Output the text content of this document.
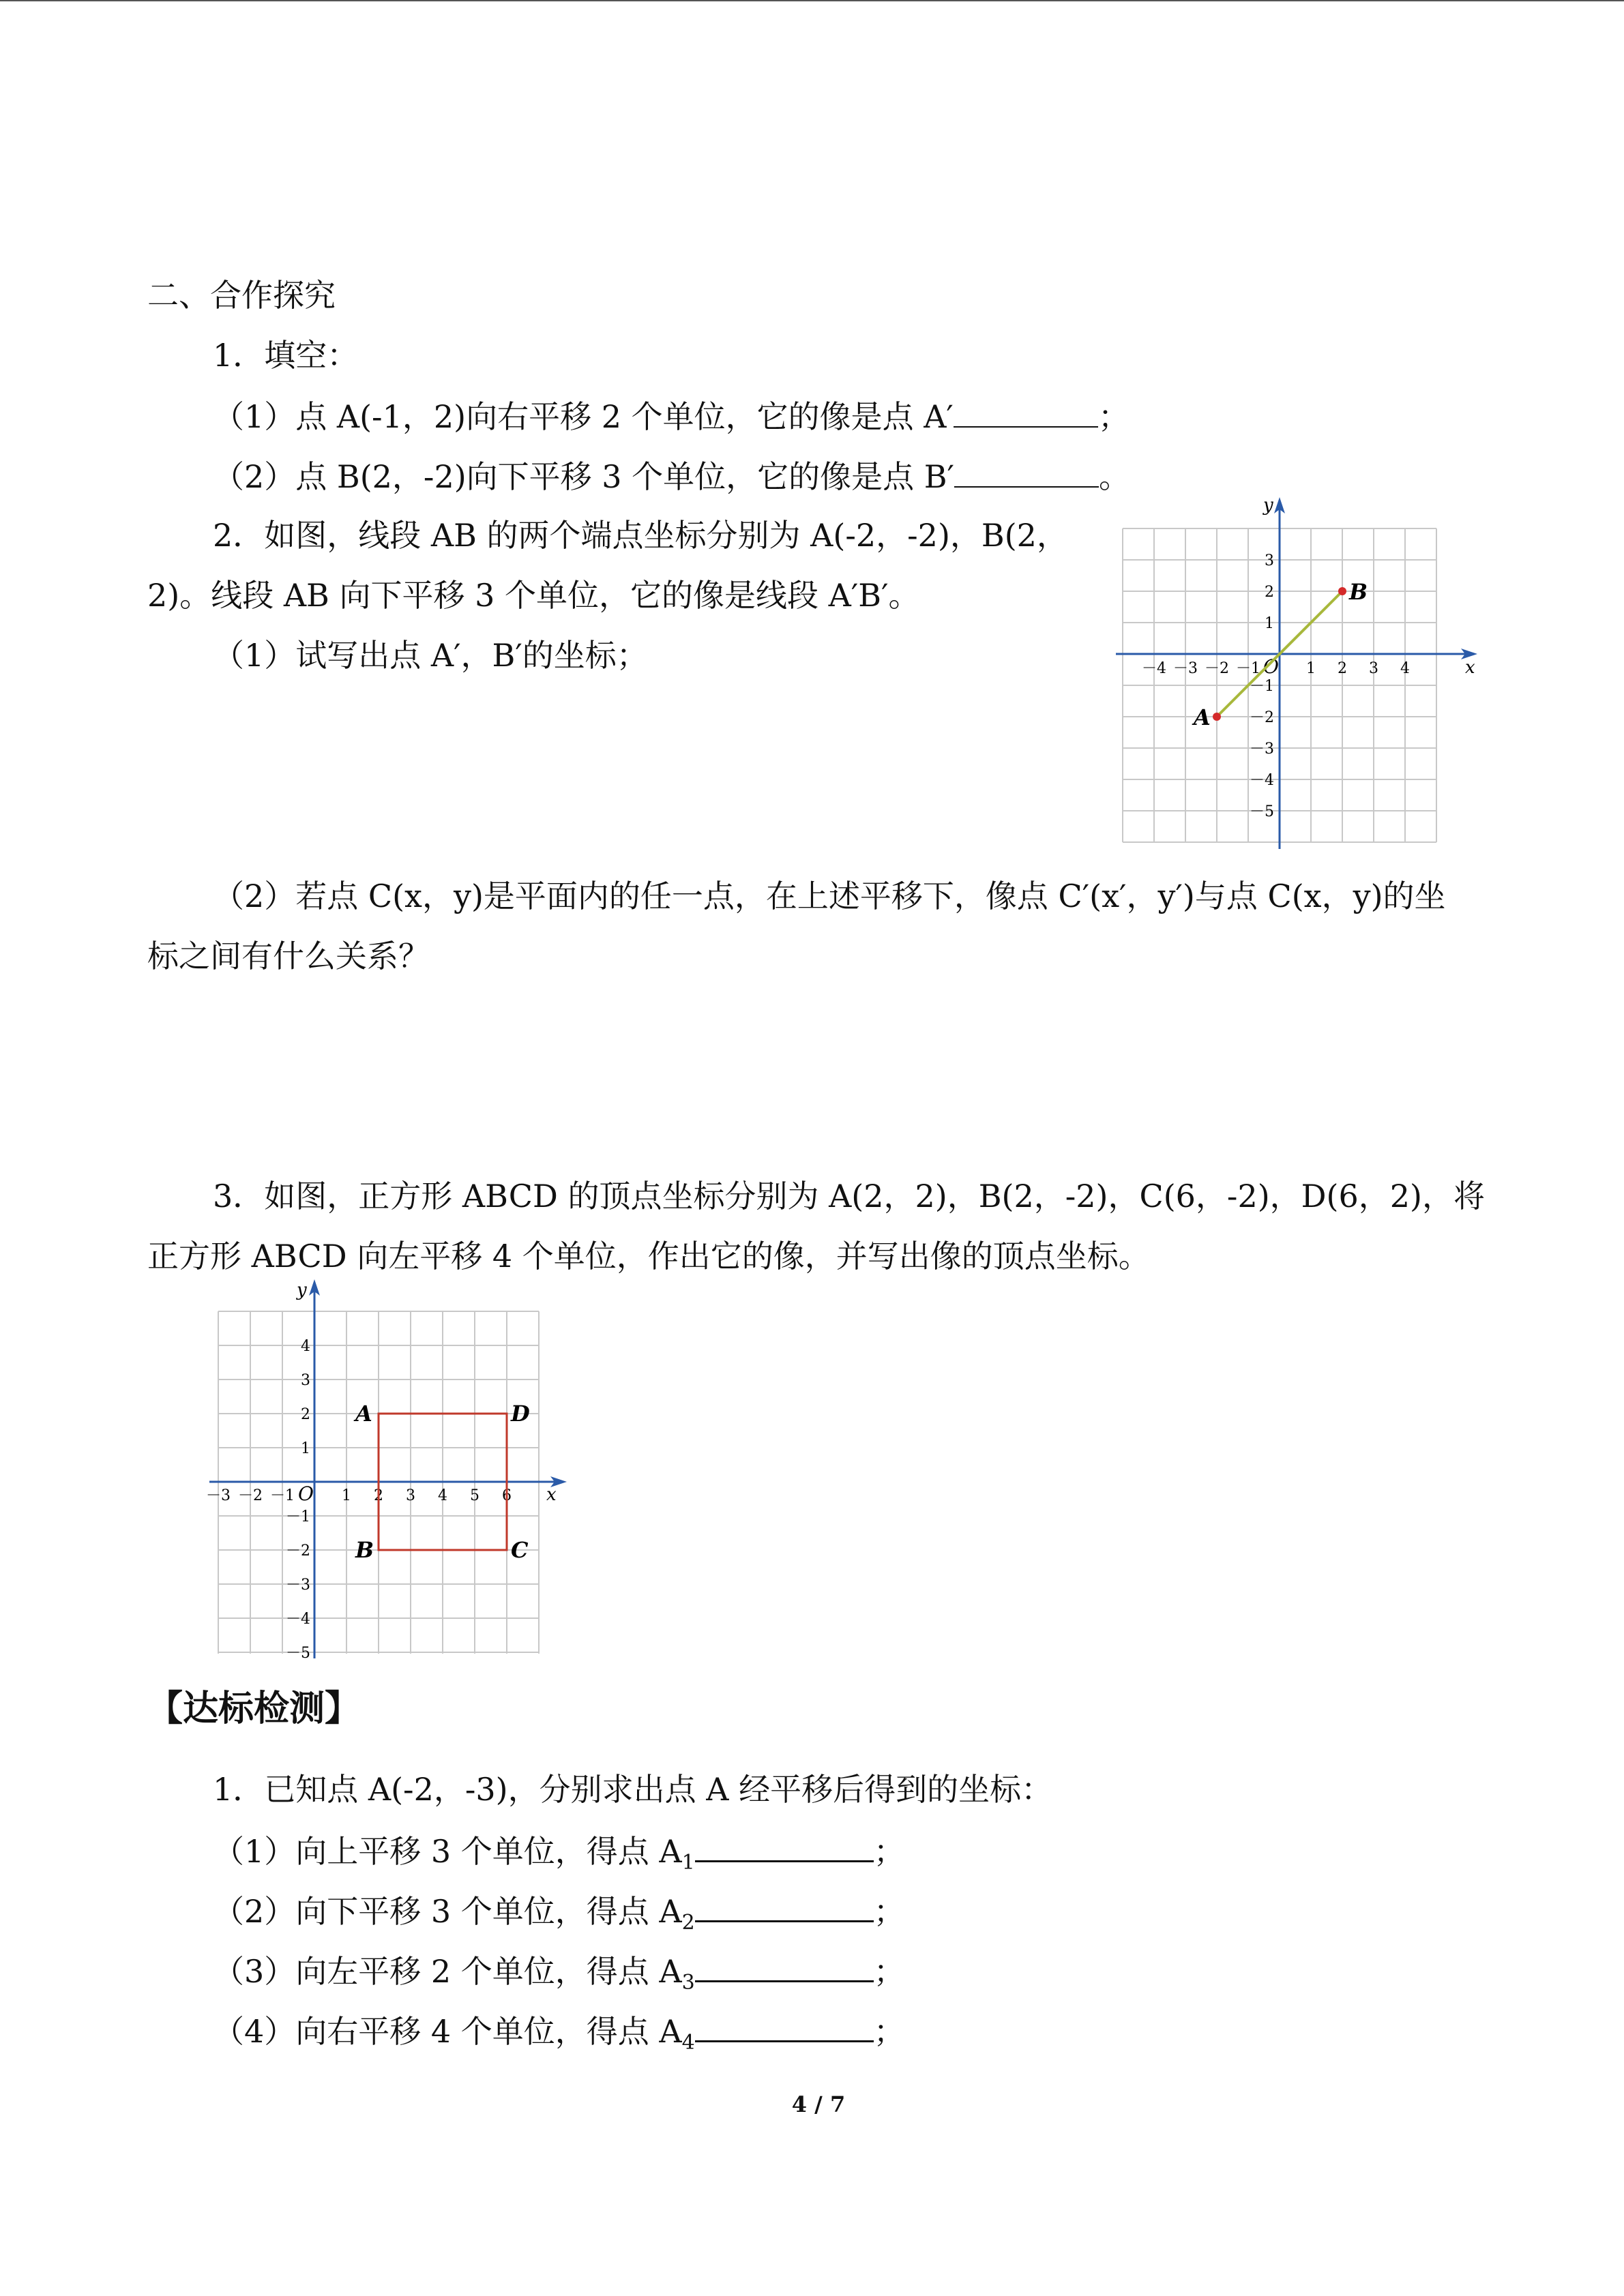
二、合作探究
1．填空：
（1）点 A(-1，2)向右平移 2 个单位，它的像是点 A′	；
（2）点 B(2，-2)向下平移 3 个单位，它的像是点 B′	。
2．如图，线段 AB 的两个端点坐标分别为 A(-2，-2)，B(2，
2)。线段 AB 向下平移 3 个单位，它的像是线段 A′B′。
（1）试写出点 A′，B′的坐标；	x
y
O
－4 －3 －2 －1	1 2 3 4
3
2
1
－1
－2
－3
－4
－5
A
B
（2）若点 C(x，y)是平面内的任一点，在上述平移下，像点 C′(x′，y′)与点 C(x，y)的坐
标之间有什么关系？
3．如图，正方形 ABCD 的顶点坐标分别为 A(2，2)，B(2，-2)，C(6，-2)，D(6，2)，将
正方形 ABCD 向左平移 4 个单位，作出它的像，并写出像的顶点坐标。
x
y
O
－3 －2 －1	1 2 3 4 5 6
4
3
2
1
－1
－2
－3
－4
－5
A
B	C
D
【达标检测】
1．已知点 A(-2，-3)，分别求出点 A 经平移后得到的坐标：
（1）向上平移 3 个单位，得点 $A_1$	；
（2）向下平移 3 个单位，得点 $A_2$	；
（3）向左平移 2 个单位，得点 $A_3$	；
（4）向右平移 4 个单位，得点 $A_4$	；
4 / 7
